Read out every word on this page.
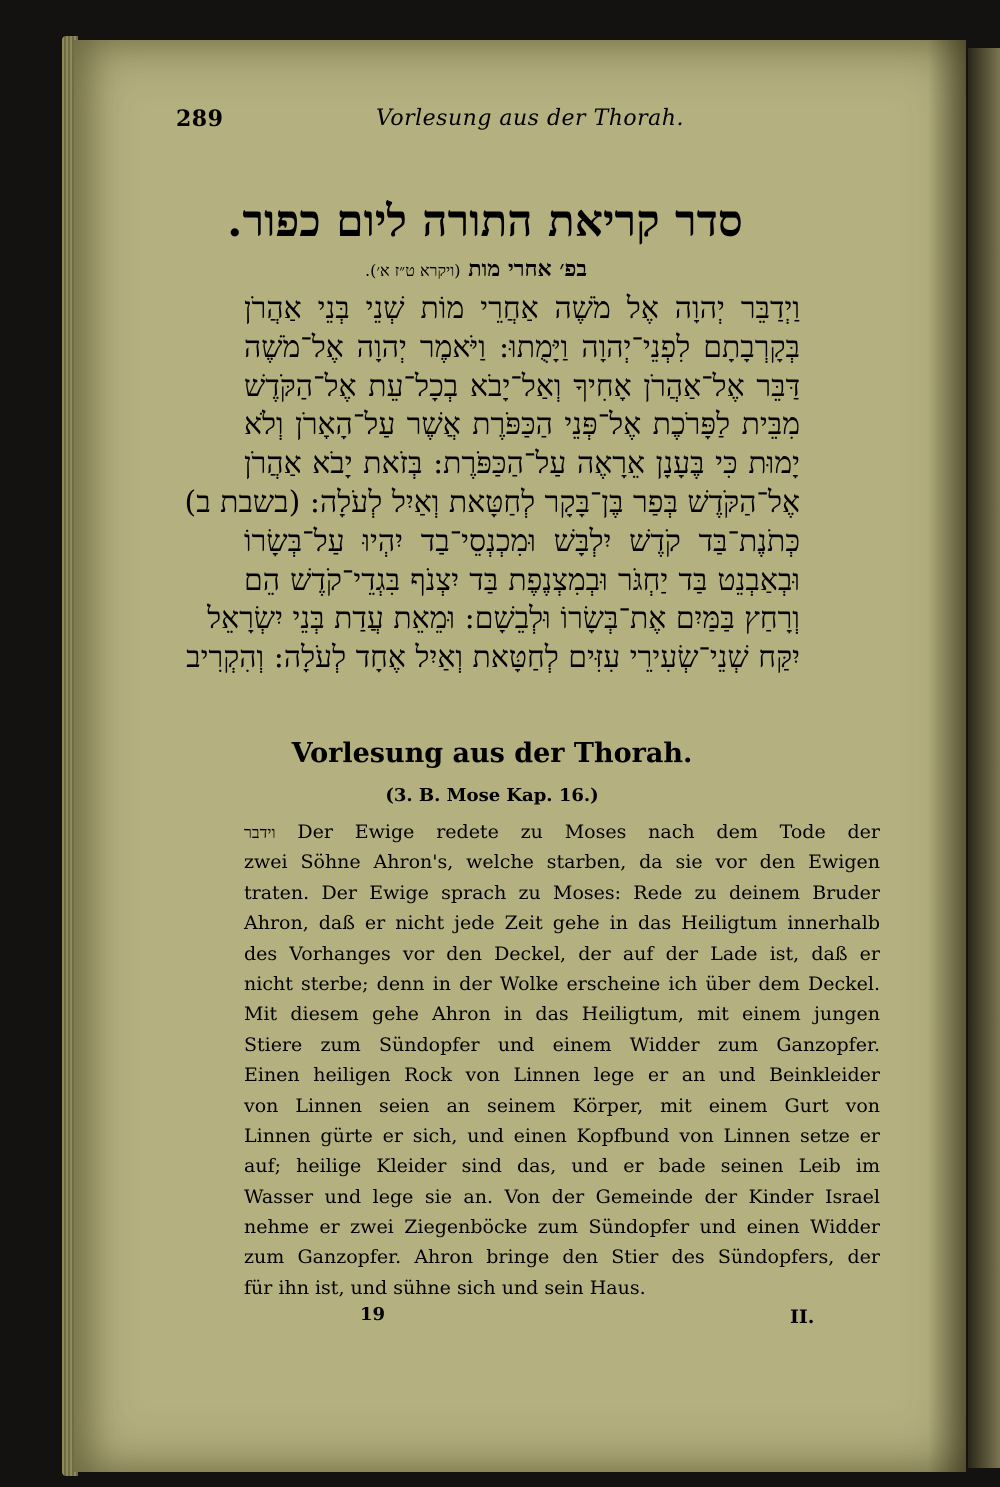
289	Vorlesung aus der Thorah.
סדר קריאת התורה ליום כפור.
בפ׳ אחרי מות (ויקרא ט״ז א׳).
וַיְדַבֵּר יְהוָה אֶל מֹשֶׁה אַחֲרֵי מוֹת שְׁנֵי בְּנֵי אַהֲרֹן
בְּקָרְבָתָם לִפְנֵי־יְהוָה וַיָּמֻתוּ: וַיֹּאמֶר יְהוָה אֶל־מֹשֶׁה
דַּבֵּר אֶל־אַהֲרֹן אָחִיךָ וְאַל־יָבֹא בְכָל־עֵת אֶל־הַקֹּדֶשׁ
מִבֵּית לַפָּרֹכֶת אֶל־פְּנֵי הַכַּפֹּרֶת אֲשֶׁר עַל־הָאָרֹן וְלֹא
יָמוּת כִּי בֶּעָנָן אֵרָאֶה עַל־הַכַּפֹּרֶת: בְּזֹאת יָבֹא אַהֲרֹן
אֶל־הַקֹּדֶשׁ בְּפַר בֶּן־בָּקָר לְחַטָּאת וְאַיִל לְעֹלָה: (בשבת ב)
כְּתֹנֶת־בַּד קֹדֶשׁ יִלְבָּשׁ וּמִכְנְסֵי־בַד יִהְיוּ עַל־בְּשָׂרוֹ
וּבְאַבְנֵט בַּד יַחְגֹּר וּבְמִצְנֶפֶת בַּד יִצְנֹף בִּגְדֵי־קֹדֶשׁ הֵם
וְרָחַץ בַּמַּיִם אֶת־בְּשָׂרוֹ וּלְבֵשָׁם: וּמֵאֵת עֲדַת בְּנֵי יִשְׂרָאֵל
יִקַּח שְׁנֵי־שְׂעִירֵי עִזִּים לְחַטָּאת וְאַיִל אֶחָד לְעֹלָה: וְהִקְרִיב
Vorlesung aus der Thorah.
(3. B. Mose Kap. 16.)
וידבר Der Ewige redete zu Moses nach dem Tode der
zwei Söhne Ahron's, welche starben, da sie vor den Ewigen
traten. Der Ewige sprach zu Moses: Rede zu deinem Bruder
Ahron, daß er nicht jede Zeit gehe in das Heiligtum innerhalb
des Vorhanges vor den Deckel, der auf der Lade ist, daß er
nicht sterbe; denn in der Wolke erscheine ich über dem Deckel.
Mit diesem gehe Ahron in das Heiligtum, mit einem jungen
Stiere zum Sündopfer und einem Widder zum Ganzopfer.
Einen heiligen Rock von Linnen lege er an und Beinkleider
von Linnen seien an seinem Körper, mit einem Gurt von
Linnen gürte er sich, und einen Kopfbund von Linnen setze er
auf; heilige Kleider sind das, und er bade seinen Leib im
Wasser und lege sie an. Von der Gemeinde der Kinder Israel
nehme er zwei Ziegenböcke zum Sündopfer und einen Widder
zum Ganzopfer. Ahron bringe den Stier des Sündopfers, der
für ihn ist, und sühne sich und sein Haus.
19	II.
